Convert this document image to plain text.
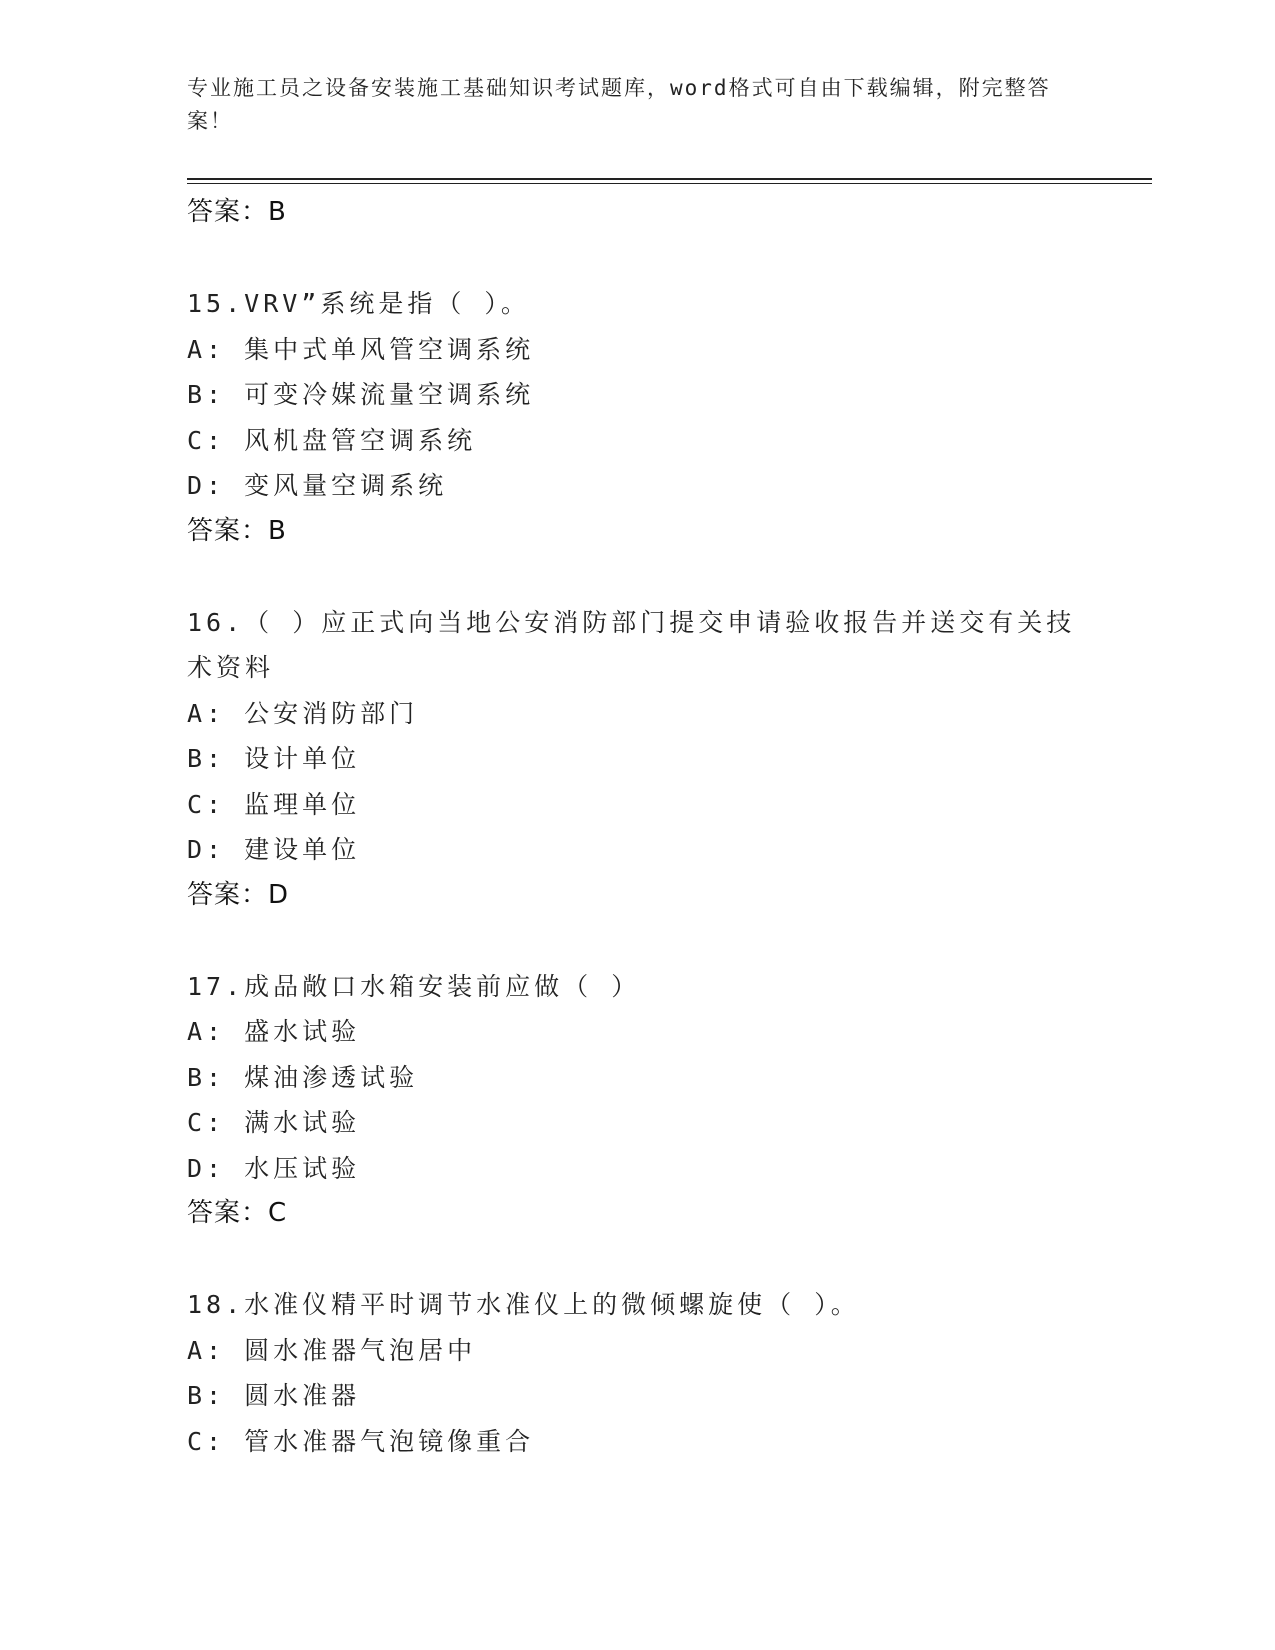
专业施工员之设备安装施工基础知识考试题库，word格式可自由下载编辑，附完整答案！
答案：B
15.VRV”系统是指（ ）。
A: 集中式单风管空调系统
B: 可变冷媒流量空调系统
C: 风机盘管空调系统
D: 变风量空调系统
答案：B
16.（ ）应正式向当地公安消防部门提交申请验收报告并送交有关技
术资料
A: 公安消防部门
B: 设计单位
C: 监理单位
D: 建设单位
答案：D
17.成品敞口水箱安装前应做（ ）
A: 盛水试验
B: 煤油渗透试验
C: 满水试验
D: 水压试验
答案：C
18.水准仪精平时调节水准仪上的微倾螺旋使（ ）。
A: 圆水准器气泡居中
B: 圆水准器
C: 管水准器气泡镜像重合
